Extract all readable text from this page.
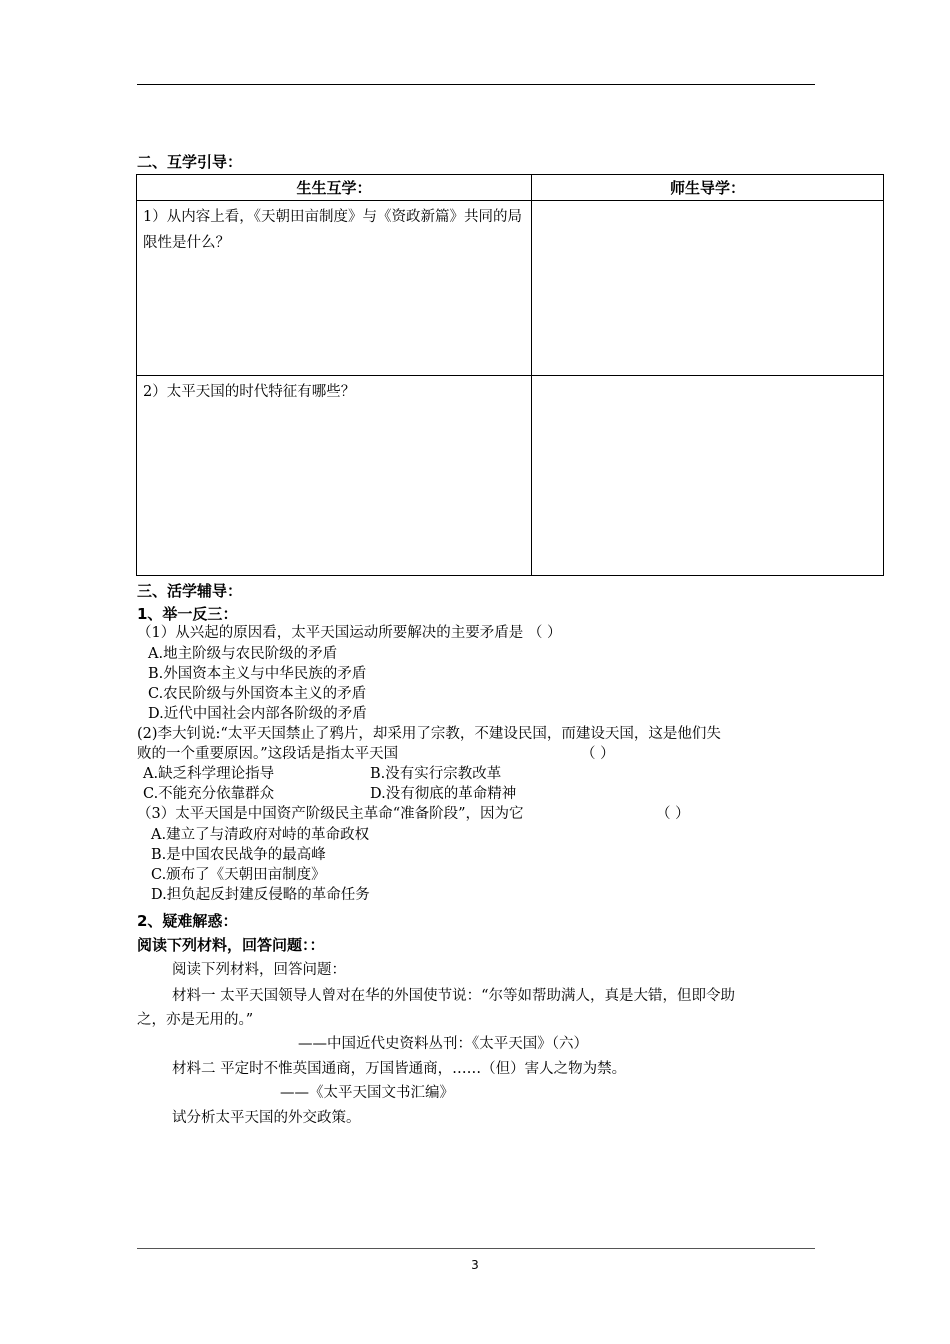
二、互学引导：
生生互学：	师生导学：

1）从内容上看，《天朝田亩制度》与《资政新篇》共同的局限性是什么？	

2）太平天国的时代特征有哪些？	

三、活学辅导：
1、举一反三：
（1）从兴起的原因看，太平天国运动所要解决的主要矛盾是 （ ）
A.地主阶级与农民阶级的矛盾
B.外国资本主义与中华民族的矛盾
C.农民阶级与外国资本主义的矛盾
D.近代中国社会内部各阶级的矛盾
(2)李大钊说:“太平天国禁止了鸦片，却采用了宗教，不建设民国，而建设天国，这是他们失
败的一个重要原因。”这段话是指太平天国	（ ）
A.缺乏科学理论指导	B.没有实行宗教改革
C.不能充分依靠群众	D.没有彻底的革命精神
（3）太平天国是中国资产阶级民主革命“准备阶段”，因为它	（ ）
A.建立了与清政府对峙的革命政权
B.是中国农民战争的最高峰
C.颁布了《天朝田亩制度》
D.担负起反封建反侵略的革命任务
2、疑难解惑：
阅读下列材料，回答问题：：
阅读下列材料，回答问题：
材料一 太平天国领导人曾对在华的外国使节说：“尔等如帮助满人，真是大错，但即令助
之，亦是无用的。”
——中国近代史资料丛刊：《太平天国》（六）
材料二 平定时不惟英国通商，万国皆通商，……（但）害人之物为禁。
——《太平天国文书汇编》
试分析太平天国的外交政策。
3
